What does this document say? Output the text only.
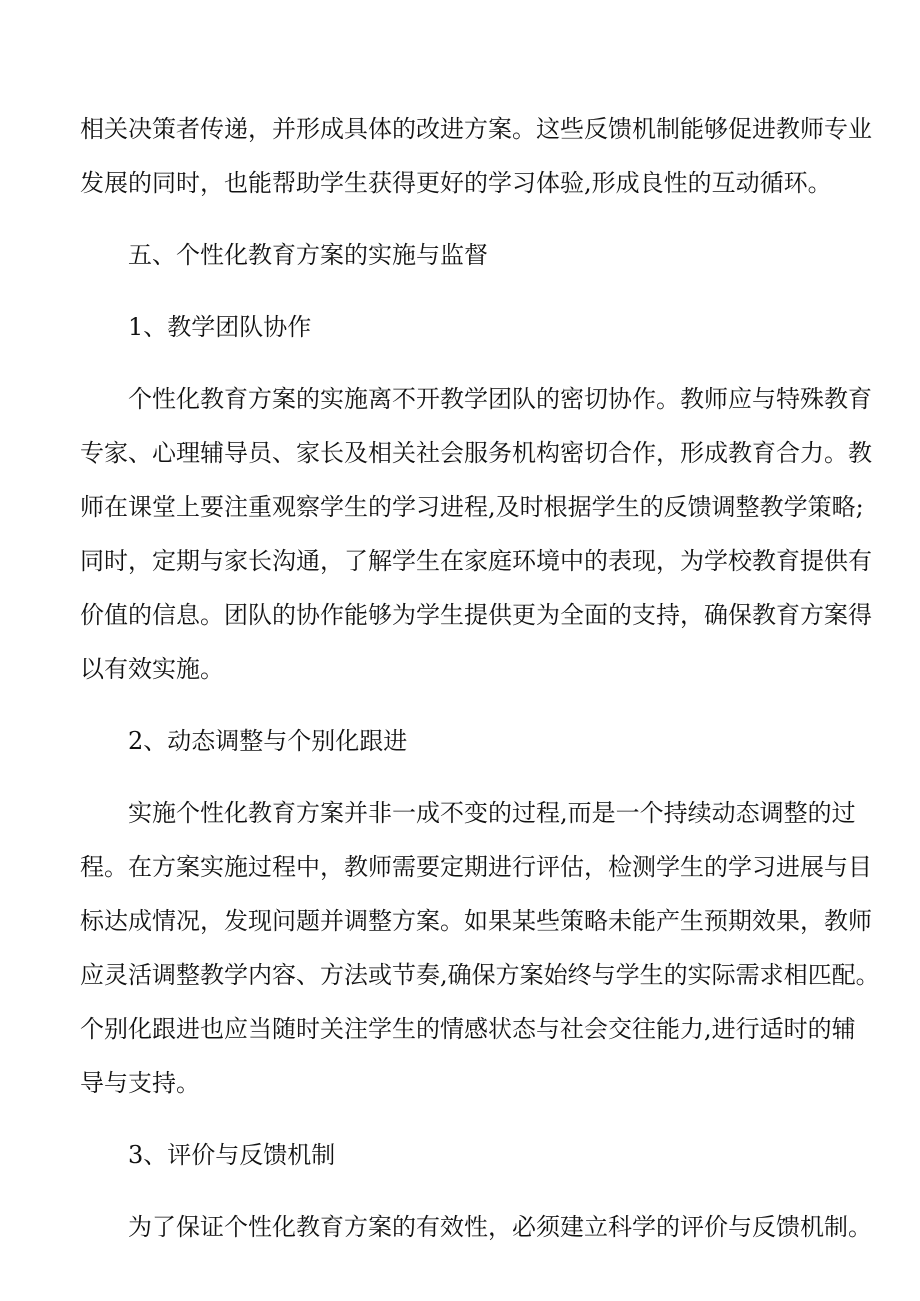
相关决策者传递，并形成具体的改进方案。这些反馈机制能够促进教师专业

发展的同时，也能帮助学生获得更好的学习体验,形成良性的互动循环。

五、个性化教育方案的实施与监督

1、教学团队协作

个性化教育方案的实施离不开教学团队的密切协作。教师应与特殊教育

专家、心理辅导员、家长及相关社会服务机构密切合作，形成教育合力。教

师在课堂上要注重观察学生的学习进程,及时根据学生的反馈调整教学策略;

同时，定期与家长沟通，了解学生在家庭环境中的表现，为学校教育提供有

价值的信息。团队的协作能够为学生提供更为全面的支持，确保教育方案得

以有效实施。

2、动态调整与个别化跟进

实施个性化教育方案并非一成不变的过程,而是一个持续动态调整的过

程。在方案实施过程中，教师需要定期进行评估，检测学生的学习进展与目

标达成情况，发现问题并调整方案。如果某些策略未能产生预期效果，教师

应灵活调整教学内容、方法或节奏,确保方案始终与学生的实际需求相匹配。

个别化跟进也应当随时关注学生的情感状态与社会交往能力,进行适时的辅

导与支持。

3、评价与反馈机制

为了保证个性化教育方案的有效性，必须建立科学的评价与反馈机制。
